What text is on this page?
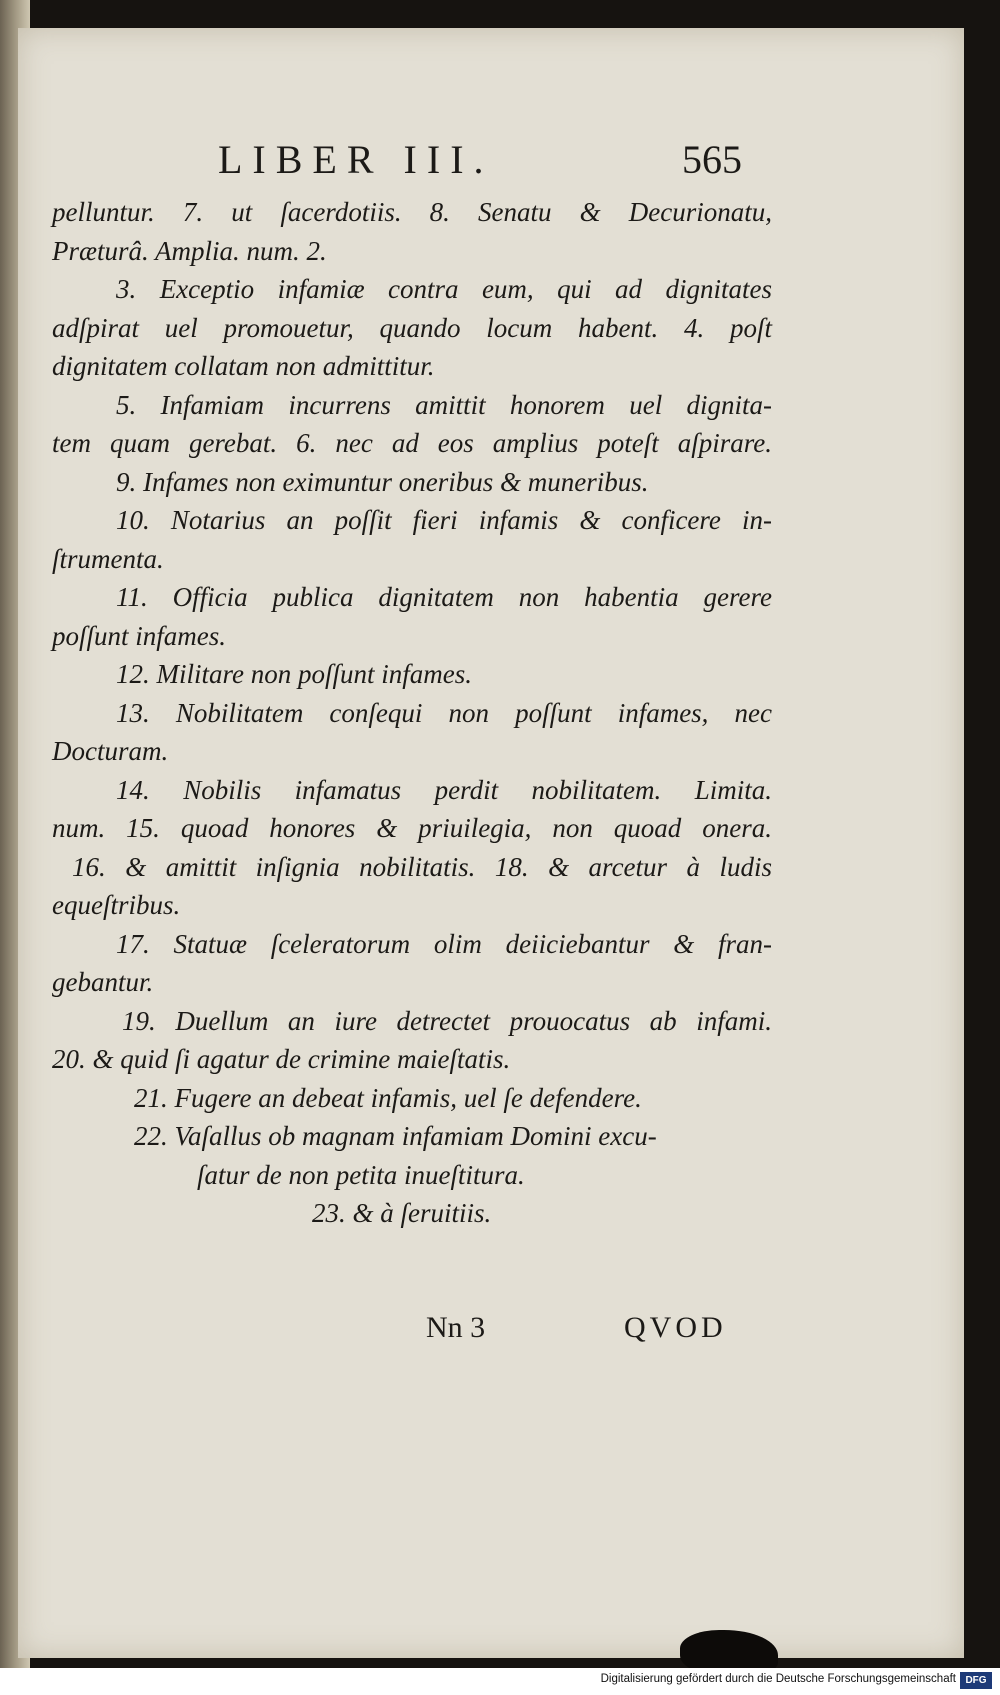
LIBER III.	565
pelluntur. 7. ut ſacerdotiis. 8. Senatu & Decurionatu,
Præturâ. Amplia. num. 2.
3. Exceptio infamiæ contra eum, qui ad dignitates
adſpirat uel promouetur, quando locum habent. 4. poſt
dignitatem collatam non admittitur.
5. Infamiam incurrens amittit honorem uel dignita-
tem quam gerebat. 6. nec ad eos amplius poteſt aſpirare.
9. Infames non eximuntur oneribus & muneribus.
10. Notarius an poſſit fieri infamis & conficere in-
ſtrumenta.
11. Officia publica dignitatem non habentia gerere
poſſunt infames.
12. Militare non poſſunt infames.
13. Nobilitatem conſequi non poſſunt infames, nec
Docturam.
14. Nobilis infamatus perdit nobilitatem. Limita.
num. 15. quoad honores & priuilegia, non quoad onera.
16. & amittit inſignia nobilitatis. 18. & arcetur à ludis
equeſtribus.
17. Statuæ ſceleratorum olim deiiciebantur & fran-
gebantur.
19. Duellum an iure detrectet prouocatus ab infami.
20. & quid ſi agatur de crimine maieſtatis.
21. Fugere an debeat infamis, uel ſe defendere.
22. Vaſallus ob magnam infamiam Domini excu-
ſatur de non petita inueſtitura.
23. & à ſeruitiis.
Nn 3	QVOD
Digitalisierung gefördert durch die Deutsche Forschungsgemeinschaft DFG
